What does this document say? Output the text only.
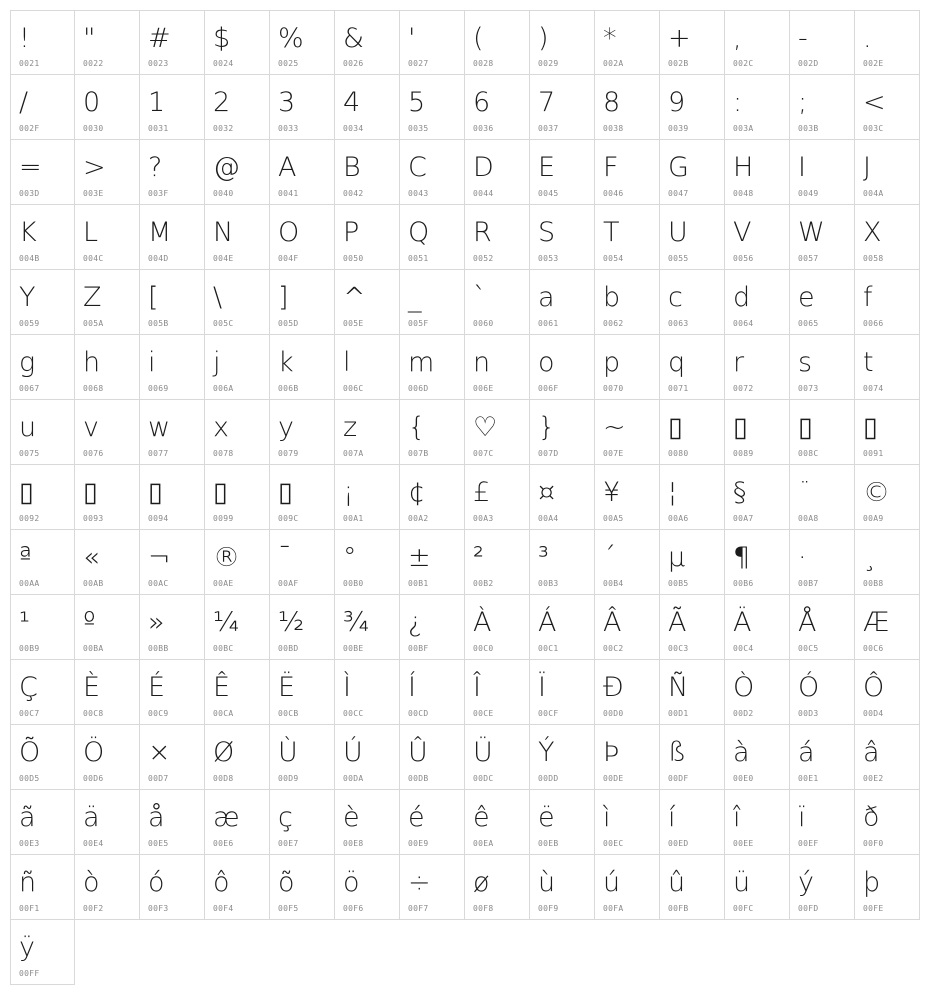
!
0021
"
0022
#
0023
$
0024
%
0025
&
0026
'
0027
(
0028
)
0029
*
002A
+
002B
,
002C
-
002D
.
002E
/
002F
0
0030
1
0031
2
0032
3
0033
4
0034
5
0035
6
0036
7
0037
8
0038
9
0039
:
003A
;
003B
<
003C
=
003D
>
003E
?
003F
@
0040
A
0041
B
0042
C
0043
D
0044
E
0045
F
0046
G
0047
H
0048
I
0049
J
004A
K
004B
L
004C
M
004D
N
004E
O
004F
P
0050
Q
0051
R
0052
S
0053
T
0054
U
0055
V
0056
W
0057
X
0058
Y
0059
Z
005A
[
005B
\
005C
]
005D
^
005E
_
005F
`
0060
a
0061
b
0062
c
0063
d
0064
e
0065
f
0066
g
0067
h
0068
i
0069
j
006A
k
006B
l
006C
m
006D
n
006E
o
006F
p
0070
q
0071
r
0072
s
0073
t
0074
u
0075
v
0076
w
0077
x
0078
y
0079
z
007A
{
007B
♡
007C
}
007D
~
007E
▯
0080
▯
0089
▯
008C
▯
0091
▯
0092
▯
0093
▯
0094
▯
0099
▯
009C
¡
00A1
¢
00A2
£
00A3
¤
00A4
¥
00A5
¦
00A6
§
00A7
¨
00A8
©
00A9
ª
00AA
«
00AB
¬
00AC
®
00AE
¯
00AF
°
00B0
±
00B1
²
00B2
³
00B3
´
00B4
µ
00B5
¶
00B6
·
00B7
¸
00B8
¹
00B9
º
00BA
»
00BB
¼
00BC
½
00BD
¾
00BE
¿
00BF
À
00C0
Á
00C1
Â
00C2
Ã
00C3
Ä
00C4
Å
00C5
Æ
00C6
Ç
00C7
È
00C8
É
00C9
Ê
00CA
Ë
00CB
Ì
00CC
Í
00CD
Î
00CE
Ï
00CF
Ð
00D0
Ñ
00D1
Ò
00D2
Ó
00D3
Ô
00D4
Õ
00D5
Ö
00D6
×
00D7
Ø
00D8
Ù
00D9
Ú
00DA
Û
00DB
Ü
00DC
Ý
00DD
Þ
00DE
ß
00DF
à
00E0
á
00E1
â
00E2
ã
00E3
ä
00E4
å
00E5
æ
00E6
ç
00E7
è
00E8
é
00E9
ê
00EA
ë
00EB
ì
00EC
í
00ED
î
00EE
ï
00EF
ð
00F0
ñ
00F1
ò
00F2
ó
00F3
ô
00F4
õ
00F5
ö
00F6
÷
00F7
ø
00F8
ù
00F9
ú
00FA
û
00FB
ü
00FC
ý
00FD
þ
00FE
ÿ
00FF
